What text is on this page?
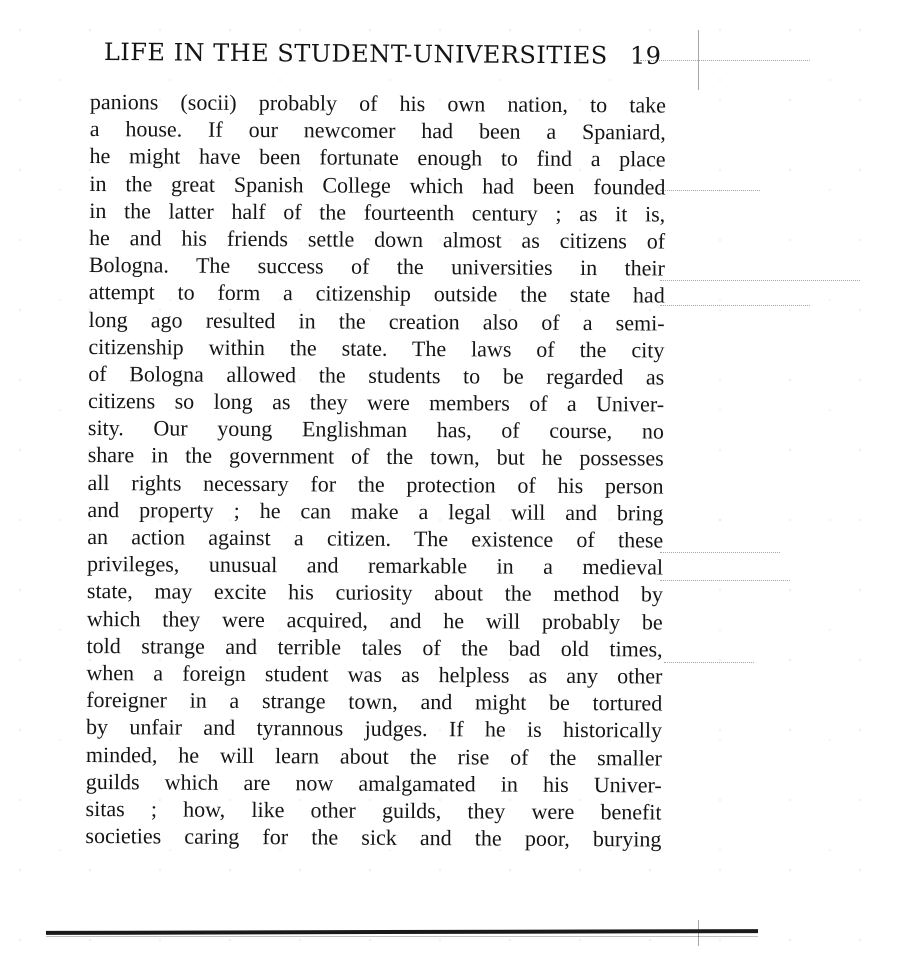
LIFE IN THE STUDENT-UNIVERSITIES 19
panions (socii) probably of his own nation, to take
a house. If our newcomer had been a Spaniard,
he might have been fortunate enough to find a place
in the great Spanish College which had been founded
in the latter half of the fourteenth century ; as it is,
he and his friends settle down almost as citizens of
Bologna. The success of the universities in their
attempt to form a citizenship outside the state had
long ago resulted in the creation also of a semi-
citizenship within the state. The laws of the city
of Bologna allowed the students to be regarded as
citizens so long as they were members of a Univer-
sity. Our young Englishman has, of course, no
share in the government of the town, but he possesses
all rights necessary for the protection of his person
and property ; he can make a legal will and bring
an action against a citizen. The existence of these
privileges, unusual and remarkable in a medieval
state, may excite his curiosity about the method by
which they were acquired, and he will probably be
told strange and terrible tales of the bad old times,
when a foreign student was as helpless as any other
foreigner in a strange town, and might be tortured
by unfair and tyrannous judges. If he is historically
minded, he will learn about the rise of the smaller
guilds which are now amalgamated in his Univer-
sitas ; how, like other guilds, they were benefit
societies caring for the sick and the poor, burying
